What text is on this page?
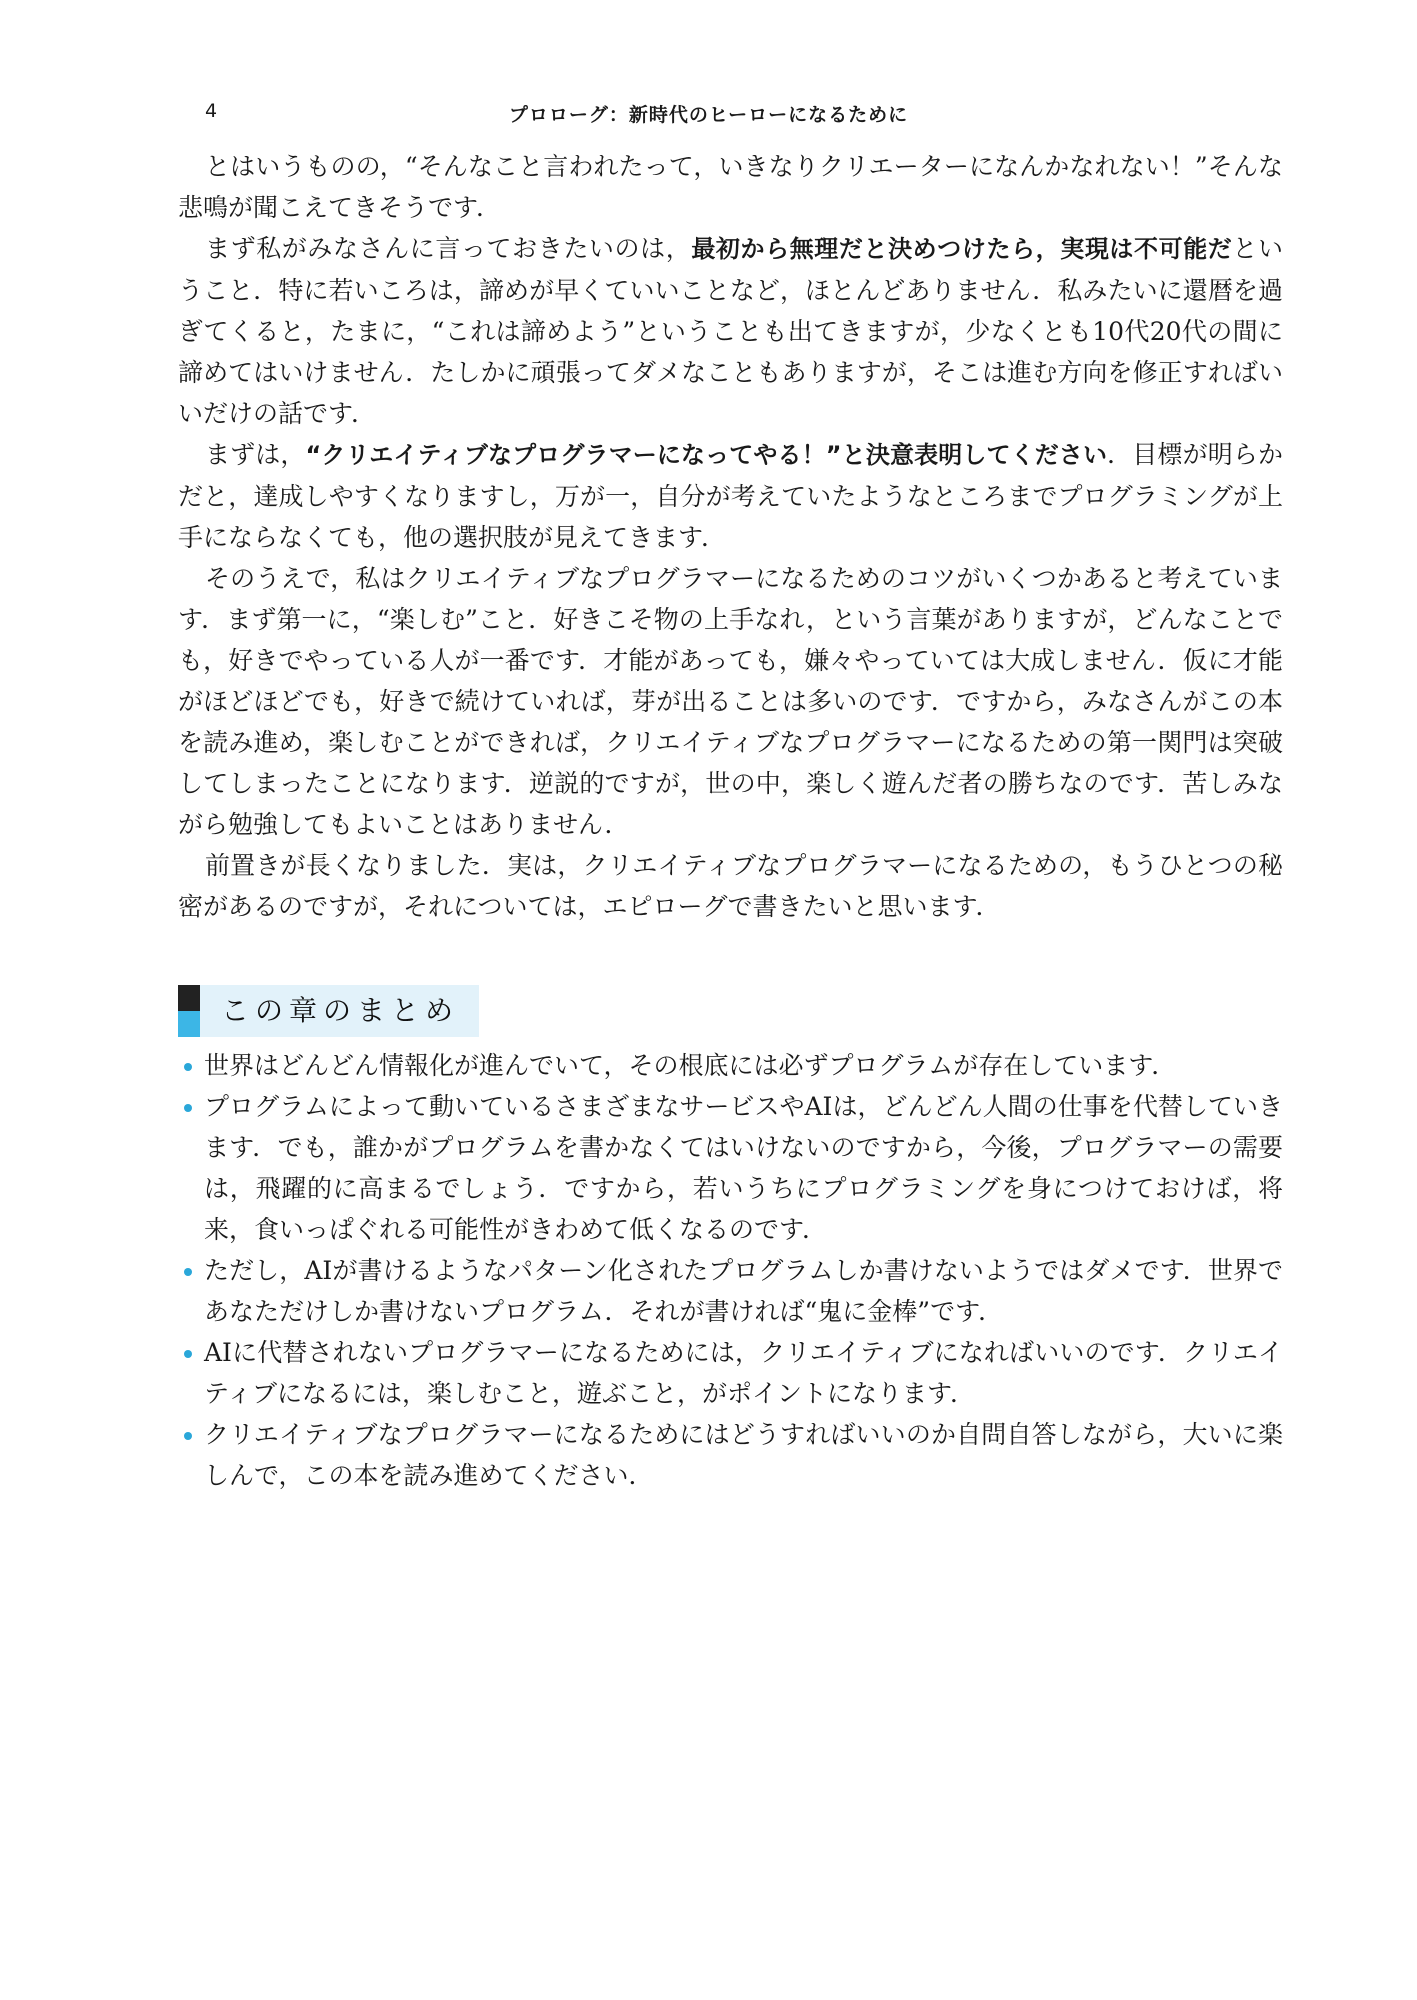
4	プロローグ：新時代のヒーローになるために

とはいうものの，“そんなこと言われたって，いきなりクリエーターになんかなれない！”そんな悲鳴が聞こえてきそうです．

まず私がみなさんに言っておきたいのは，最初から無理だと決めつけたら，実現は不可能だということ．特に若いころは，諦めが早くていいことなど，ほとんどありません．私みたいに還暦を過ぎてくると，たまに，“これは諦めよう”ということも出てきますが，少なくとも10代20代の間に諦めてはいけません．たしかに頑張ってダメなこともありますが，そこは進む方向を修正すればいいだけの話です．

まずは，“クリエイティブなプログラマーになってやる！”と決意表明してください．目標が明らかだと，達成しやすくなりますし，万が一，自分が考えていたようなところまでプログラミングが上手にならなくても，他の選択肢が見えてきます．

そのうえで，私はクリエイティブなプログラマーになるためのコツがいくつかあると考えています．まず第一に，“楽しむ”こと．好きこそ物の上手なれ，という言葉がありますが，どんなことでも，好きでやっている人が一番です．才能があっても，嫌々やっていては大成しません．仮に才能がほどほどでも，好きで続けていれば，芽が出ることは多いのです．ですから，みなさんがこの本を読み進め，楽しむことができれば，クリエイティブなプログラマーになるための第一関門は突破してしまったことになります．逆説的ですが，世の中，楽しく遊んだ者の勝ちなのです．苦しみながら勉強してもよいことはありません．

前置きが長くなりました．実は，クリエイティブなプログラマーになるための，もうひとつの秘密があるのですが，それについては，エピローグで書きたいと思います．

この章のまとめ
世界はどんどん情報化が進んでいて，その根底には必ずプログラムが存在しています．
プログラムによって動いているさまざまなサービスやAIは，どんどん人間の仕事を代替していきます．でも，誰かがプログラムを書かなくてはいけないのですから，今後，プログラマーの需要は，飛躍的に高まるでしょう．ですから，若いうちにプログラミングを身につけておけば，将来，食いっぱぐれる可能性がきわめて低くなるのです．
ただし，AIが書けるようなパターン化されたプログラムしか書けないようではダメです．世界であなただけしか書けないプログラム．それが書ければ“鬼に金棒”です．
AIに代替されないプログラマーになるためには，クリエイティブになればいいのです．クリエイティブになるには，楽しむこと，遊ぶこと，がポイントになります．
クリエイティブなプログラマーになるためにはどうすればいいのか自問自答しながら，大いに楽しんで，この本を読み進めてください．
